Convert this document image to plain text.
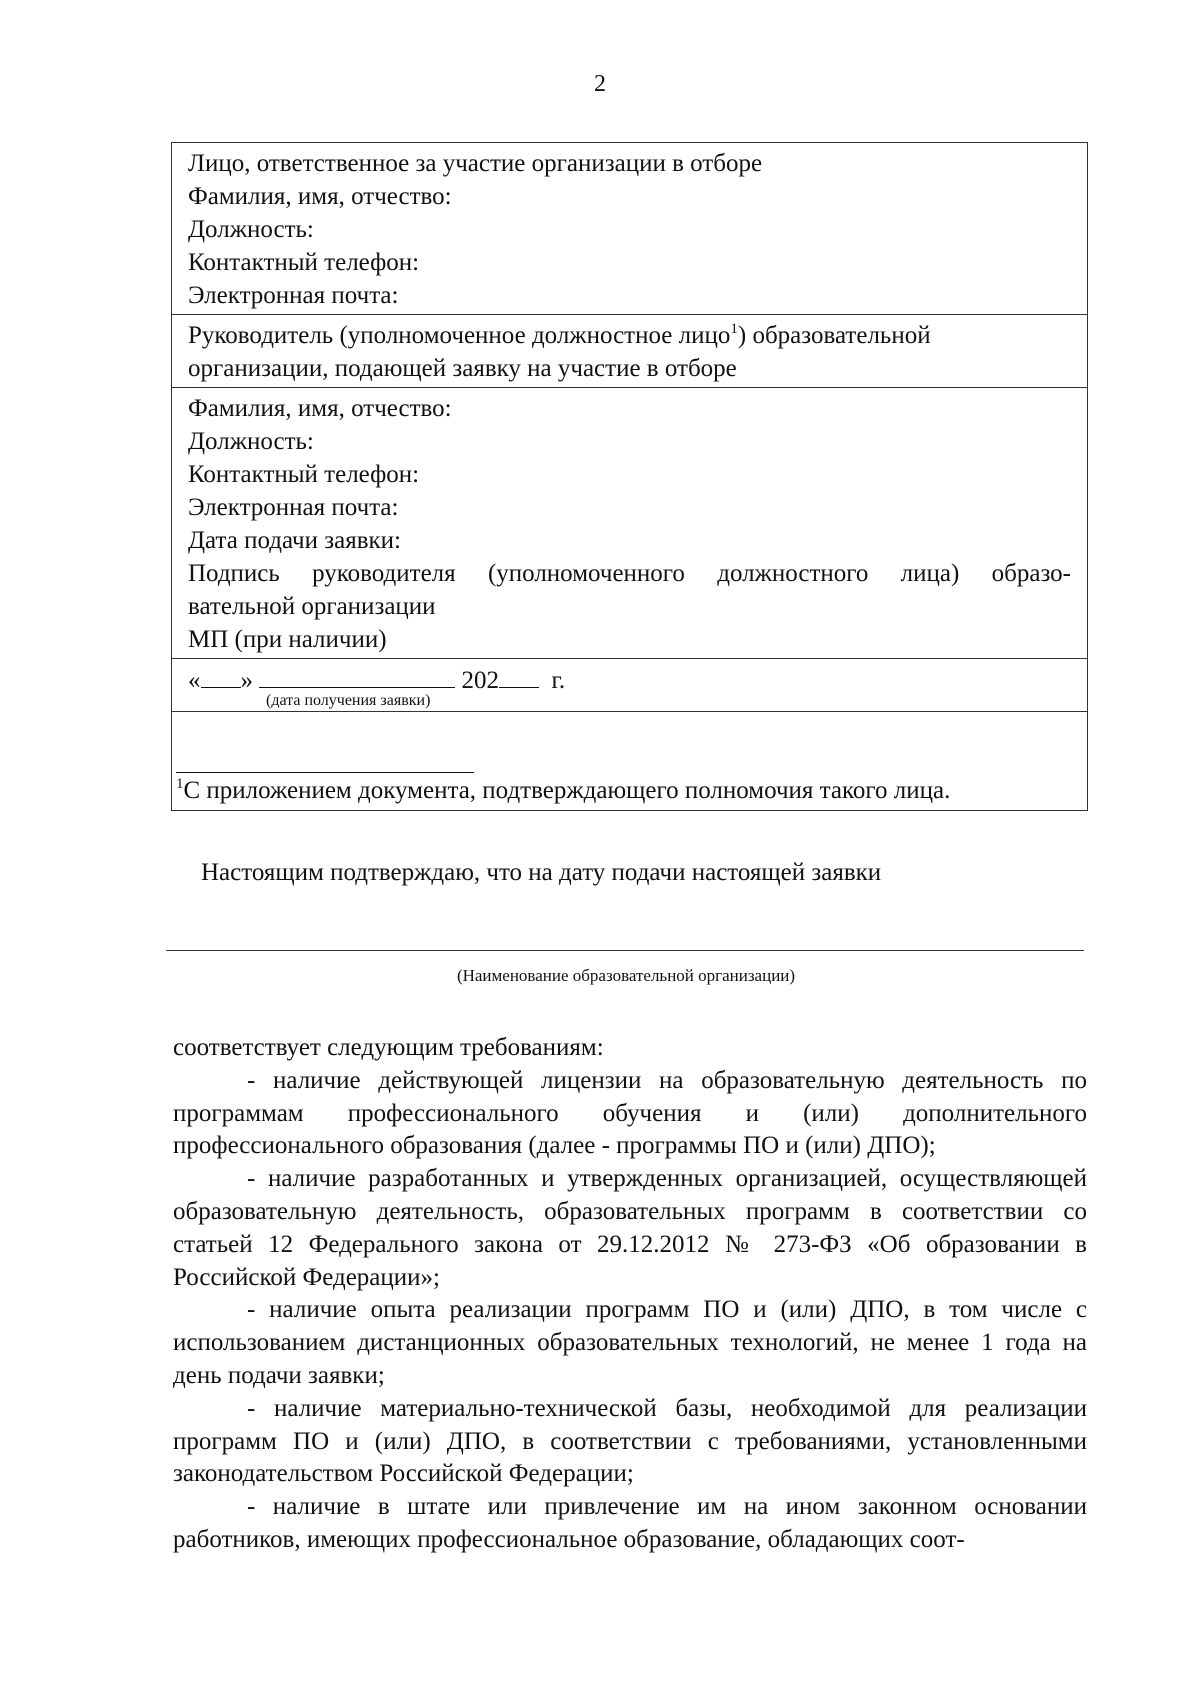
2
Лицо, ответственное за участие организации в отборе
Фамилия, имя, отчество:
Должность:
Контактный телефон:
Электронная почта:

Руководитель (уполномоченное должностное лицо$^1$) образовательной
организации, подающей заявку на участие в отборе

Фамилия, имя, отчество:
Должность:
Контактный телефон:
Электронная почта:
Дата подачи заявки:
Подпись руководителя (уполномоченного должностного лица) образо-
вательной организации
МП (при наличии)

« »	202 г.
(дата получения заявки)

$^1$С приложением документа, подтверждающего полномочия такого лица.
Настоящим подтверждаю, что на дату подачи настоящей заявки
(Наименование образовательной организации)

соответствует следующим требованиям:

- наличие действующей лицензии на образовательную деятельность по программам профессионального обучения и (или) дополнительного профессионального образования (далее - программы ПО и (или) ДПО);

- наличие разработанных и утвержденных организацией, осуществляющей образовательную деятельность, образовательных программ в соответствии со статьей 12 Федерального закона от 29.12.2012 № 273-ФЗ «Об образовании в Российской Федерации»;

- наличие опыта реализации программ ПО и (или) ДПО, в том числе с использованием дистанционных образовательных технологий, не менее 1 года на день подачи заявки;

- наличие материально-технической базы, необходимой для реализации программ ПО и (или) ДПО, в соответствии с требованиями, установленными законодательством Российской Федерации;

- наличие в штате или привлечение им на ином законном основании работников, имеющих профессиональное образование, обладающих соот-
